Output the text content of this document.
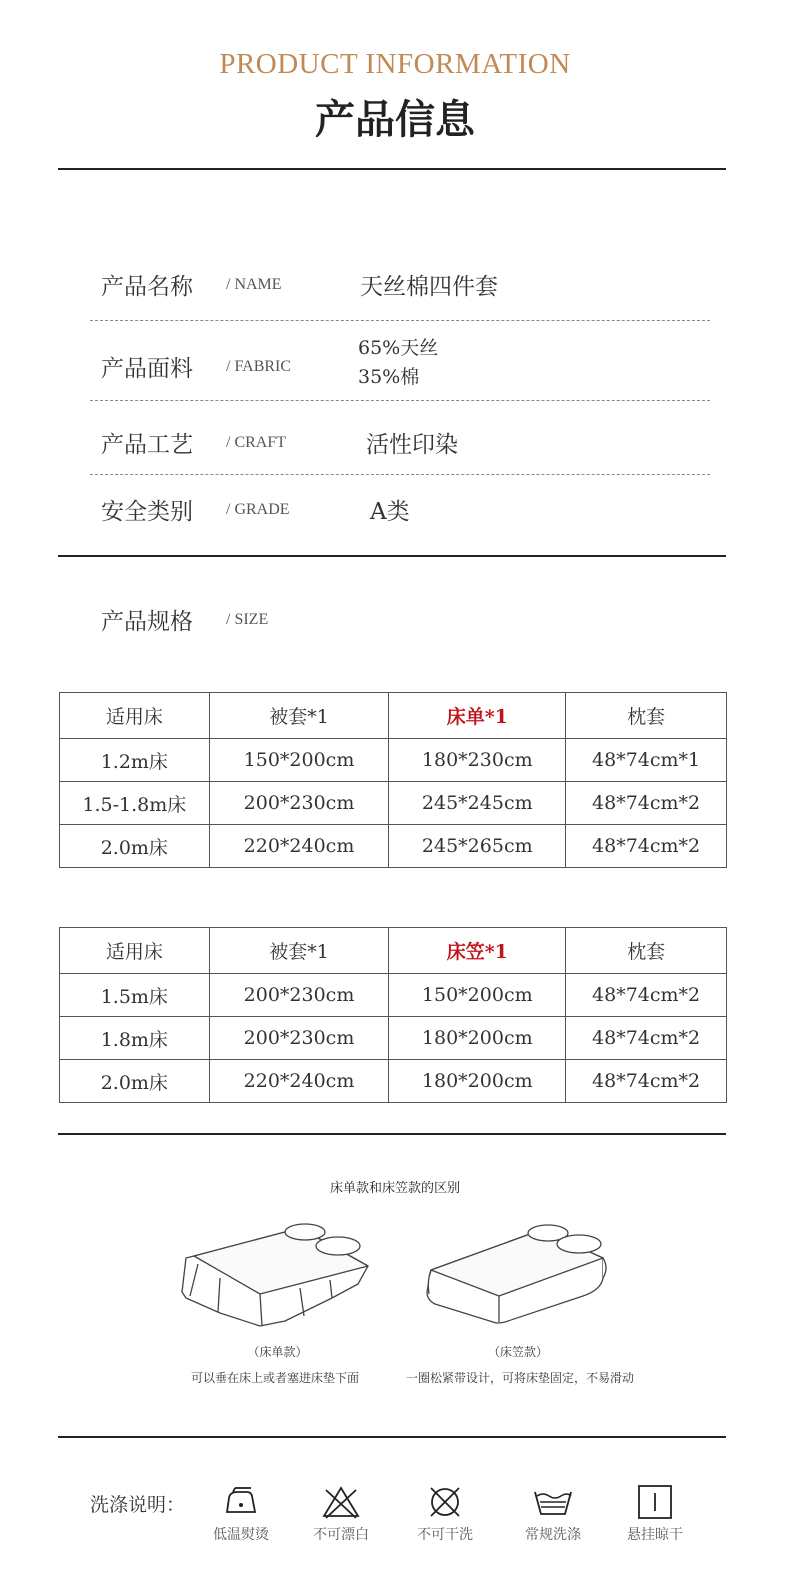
PRODUCT INFORMATION
产品信息
产品名称 / NAME	天丝棉四件套
产品面料 / FABRIC
65%天丝
35%棉
产品工艺 / CRAFT	活性印染
安全类别 / GRADE	A类
产品规格 / SIZE
适用床	被套*1	床单*1	枕套
1.2m床	150*200cm	180*230cm	48*74cm*1
1.5-1.8m床	200*230cm	245*245cm	48*74cm*2
2.0m床	220*240cm	245*265cm	48*74cm*2
适用床	被套*1	床笠*1	枕套
1.5m床	200*230cm	150*200cm	48*74cm*2
1.8m床	200*230cm	180*200cm	48*74cm*2
2.0m床	220*240cm	180*200cm	48*74cm*2
床单款和床笠款的区别
（床单款）
可以垂在床上或者塞进床垫下面
（床笠款）
一圈松紧带设计，可将床垫固定，不易滑动
洗涤说明：
低温熨烫	不可漂白	不可干洗	常规洗涤	悬挂晾干
